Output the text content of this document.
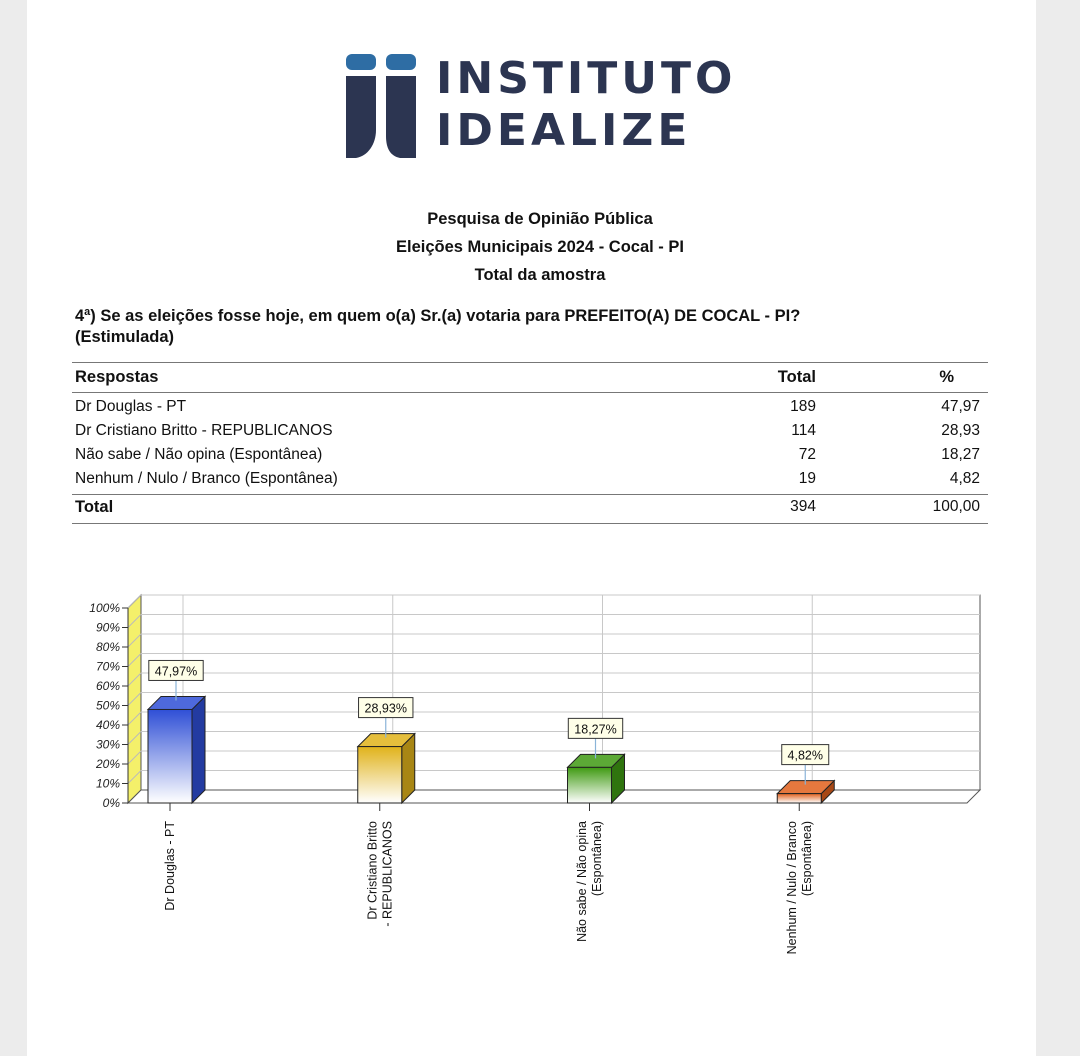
INSTITUTO
IDEALIZE
Pesquisa de Opinião Pública
Eleições Municipais 2024 - Cocal - PI
Total da amostra
4ª) Se as eleições fosse hoje, em quem o(a) Sr.(a) votaria para PREFEITO(A) DE COCAL - PI?
(Estimulada)
Respostas	Total	%
Dr Douglas - PT	189	47,97
Dr Cristiano Britto - REPUBLICANOS	114	28,93
Não sabe / Não opina (Espontânea)	72	18,27
Nenhum / Nulo / Branco (Espontânea)	19	4,82
Total	394	100,00
0%
10%
20%
30%
40%
50%
60%
70%
80%
90%
100%
47,97%
Dr Douglas - PT
28,93%
Dr Cristiano Britto - REPUBLICANOS
18,27%
Não sabe / Não opina (Espontânea)
4,82%
Nenhum / Nulo / Branco (Espontânea)
